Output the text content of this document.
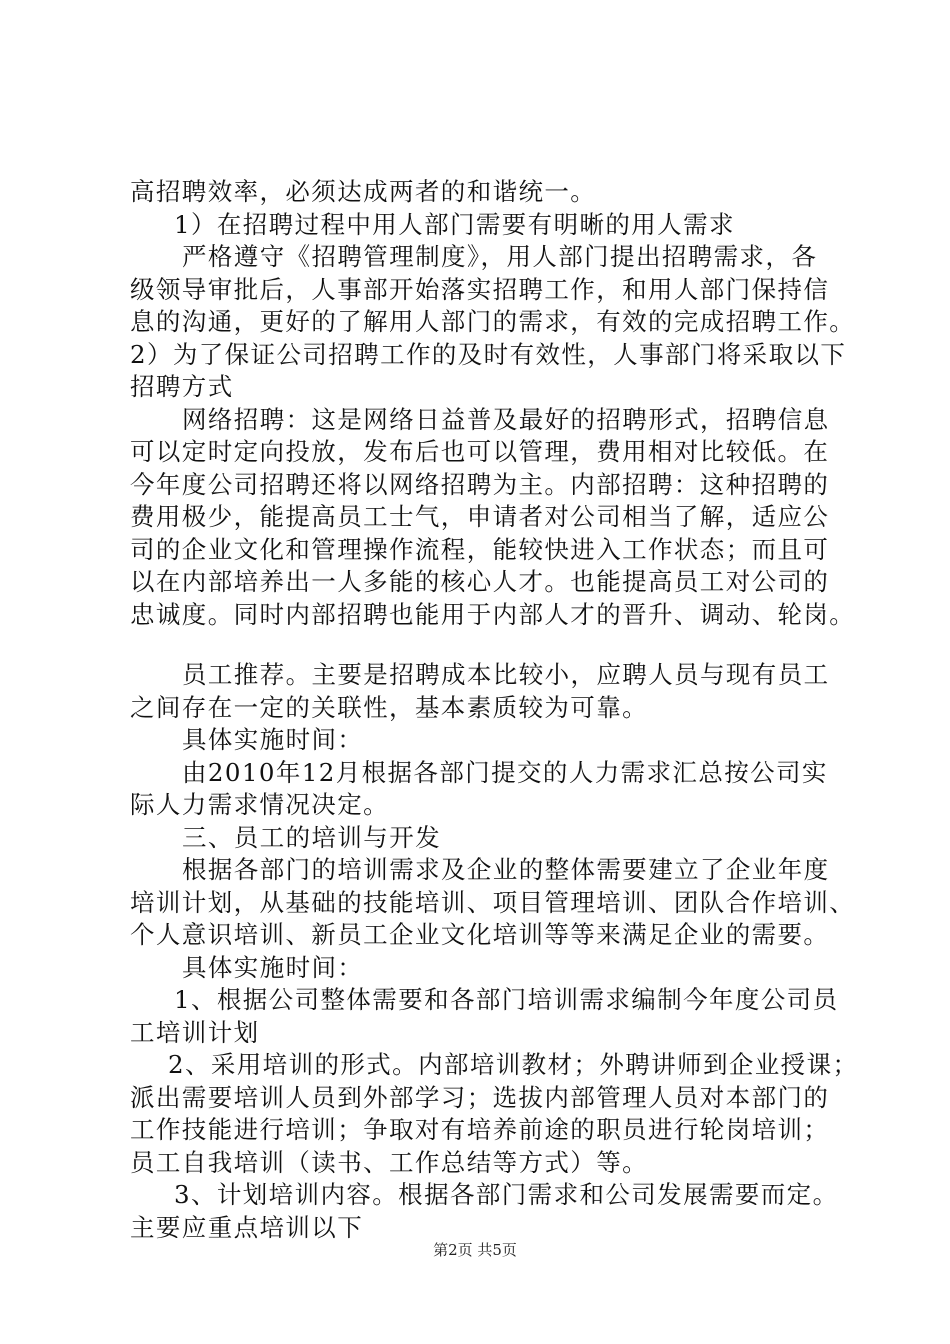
高招聘效率，必须达成两者的和谐统一。
1）在招聘过程中用人部门需要有明晰的用人需求
严格遵守《招聘管理制度》，用人部门提出招聘需求，各
级领导审批后，人事部开始落实招聘工作，和用人部门保持信
息的沟通，更好的了解用人部门的需求，有效的完成招聘工作。
2）为了保证公司招聘工作的及时有效性，人事部门将采取以下
招聘方式
网络招聘：这是网络日益普及最好的招聘形式，招聘信息
可以定时定向投放，发布后也可以管理，费用相对比较低。在
今年度公司招聘还将以网络招聘为主。内部招聘：这种招聘的
费用极少，能提高员工士气，申请者对公司相当了解，适应公
司的企业文化和管理操作流程，能较快进入工作状态；而且可
以在内部培养出一人多能的核心人才。也能提高员工对公司的
忠诚度。同时内部招聘也能用于内部人才的晋升、调动、轮岗。
员工推荐。主要是招聘成本比较小，应聘人员与现有员工
之间存在一定的关联性，基本素质较为可靠。
具体实施时间：
由2010年12月根据各部门提交的人力需求汇总按公司实
际人力需求情况决定。
三、员工的培训与开发
根据各部门的培训需求及企业的整体需要建立了企业年度
培训计划，从基础的技能培训、项目管理培训、团队合作培训、
个人意识培训、新员工企业文化培训等等来满足企业的需要。
具体实施时间：
1、根据公司整体需要和各部门培训需求编制今年度公司员
工培训计划
2、采用培训的形式。内部培训教材；外聘讲师到企业授课；
派出需要培训人员到外部学习；选拔内部管理人员对本部门的
工作技能进行培训；争取对有培养前途的职员进行轮岗培训；
员工自我培训（读书、工作总结等方式）等。
3、计划培训内容。根据各部门需求和公司发展需要而定。
主要应重点培训以下
第2页 共5页
